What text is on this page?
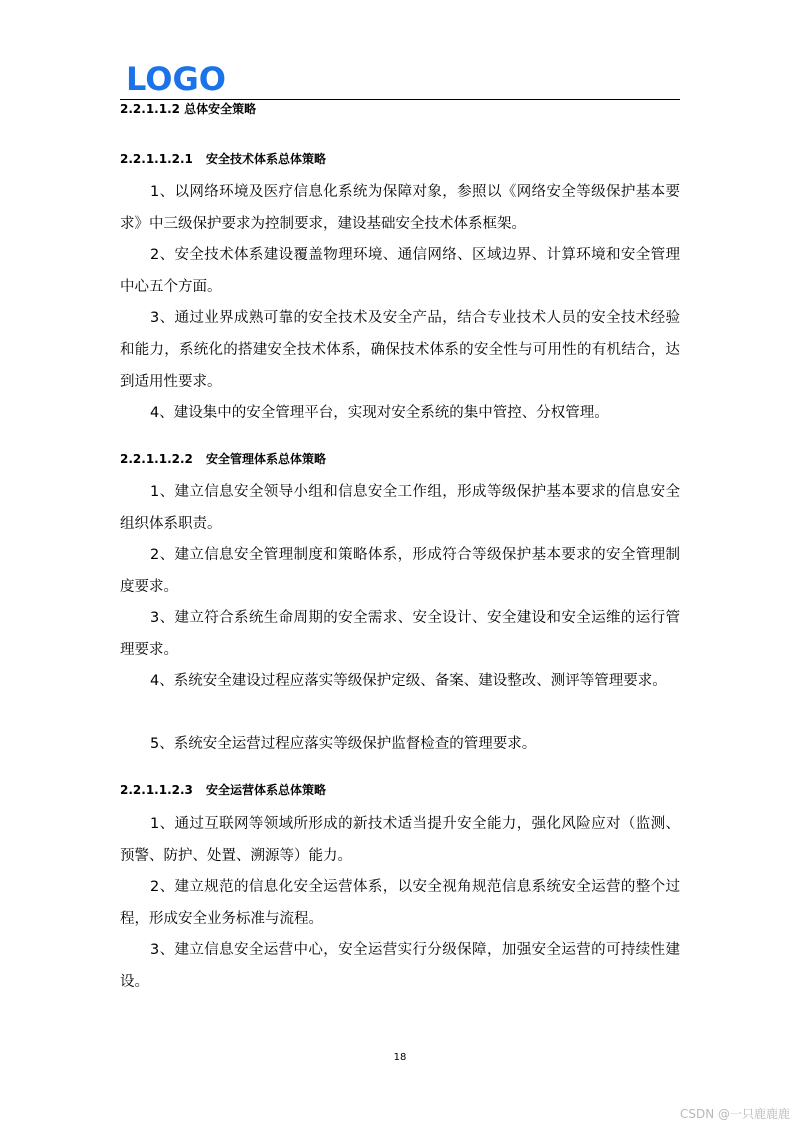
LOGO
2.2.1.1.2 总体安全策略
2.2.1.1.2.1 安全技术体系总体策略

1、以网络环境及医疗信息化系统为保障对象，参照以《网络安全等级保护基本要求》中三级保护要求为控制要求，建设基础安全技术体系框架。

2、安全技术体系建设覆盖物理环境、通信网络、区域边界、计算环境和安全管理中心五个方面。

3、通过业界成熟可靠的安全技术及安全产品，结合专业技术人员的安全技术经验和能力，系统化的搭建安全技术体系，确保技术体系的安全性与可用性的有机结合，达到适用性要求。

4、建设集中的安全管理平台，实现对安全系统的集中管控、分权管理。

2.2.1.1.2.2 安全管理体系总体策略

1、建立信息安全领导小组和信息安全工作组，形成等级保护基本要求的信息安全组织体系职责。

2、建立信息安全管理制度和策略体系，形成符合等级保护基本要求的安全管理制度要求。

3、建立符合系统生命周期的安全需求、安全设计、安全建设和安全运维的运行管理要求。

4、系统安全建设过程应落实等级保护定级、备案、建设整改、测评等管理要求。

5、系统安全运营过程应落实等级保护监督检查的管理要求。

2.2.1.1.2.3 安全运营体系总体策略

1、通过互联网等领域所形成的新技术适当提升安全能力，强化风险应对（监测、预警、防护、处置、溯源等）能力。

2、建立规范的信息化安全运营体系，以安全视角规范信息系统安全运营的整个过程，形成安全业务标准与流程。

3、建立信息安全运营中心，安全运营实行分级保障，加强安全运营的可持续性建设。

18
CSDN @一只鹿鹿鹿
